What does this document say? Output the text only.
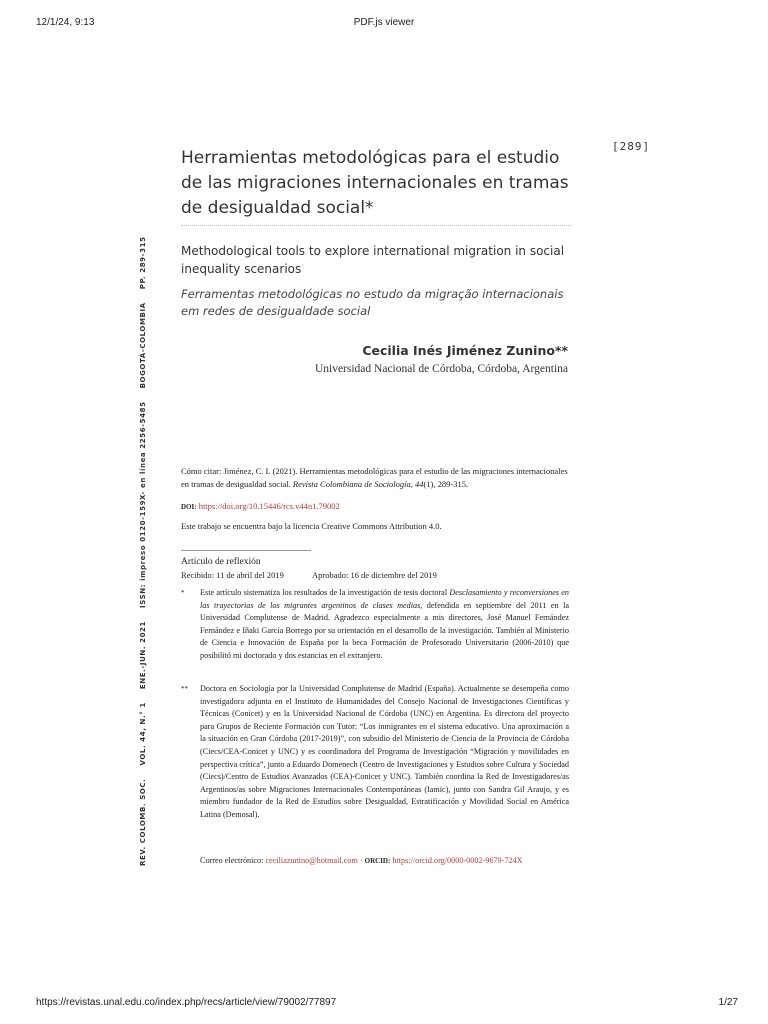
12/1/24, 9:13	PDF.js viewer
[289]
Herramientas metodológicas para el estudio de las migraciones internacionales en tramas de desigualdad social*
Methodological tools to explore international migration in social inequality scenarios
Ferramentas metodológicas no estudo da migração internacionais em redes de desigualdade social
Cecilia Inés Jiménez Zunino**
Universidad Nacional de Córdoba, Córdoba, Argentina
REV. COLOMB. SOC. VOL. 44, N.° 1 ENE.-JUN. 2021 ISSN: impreso 0120-159X- en línea 2256-5485 BOGOTÁ-COLOMBIA PP. 289-315
Cómo citar: Jiménez, C. I. (2021). Herramientas metodológicas para el estudio de las migraciones internacionales en tramas de desigualdad social. Revista Colombiana de Sociología, 44(1), 289-315.
DOI: https://doi.org/10.15446/rcs.v44n1.79002
Este trabajo se encuentra bajo la licencia Creative Commons Attribution 4.0.
Artículo de reflexión
Recibido: 11 de abril del 2019	Aprobado: 16 de diciembre del 2019
* Este artículo sistematiza los resultados de la investigación de tesis doctoral Desclasamiento y reconversiones en las trayectorias de los migrantes argentinos de clases medias, defendida en septiembre del 2011 en la Universidad Complutense de Madrid. Agradezco especialmente a mis directores, José Manuel Fernández Fernández e Iñaki García Borrego por su orientación en el desarrollo de la investigación. También al Ministerio de Ciencia e Innovación de España por la beca Formación de Profesorado Universitario (2006-2010) que posibilitó mi doctorado y dos estancias en el extranjero.
** Doctora en Sociología por la Universidad Complutense de Madrid (España). Actualmente se desempeña como investigadora adjunta en el Instituto de Humanidades del Consejo Nacional de Investigaciones Científicas y Técnicas (Conicet) y en la Universidad Nacional de Córdoba (UNC) en Argentina. Es directora del proyecto para Grupos de Reciente Formación con Tutor: “Los inmigrantes en el sistema educativo. Una aproximación a la situación en Gran Córdoba (2017-2019)”, con subsidio del Ministerio de Ciencia de la Provincia de Córdoba (Ciecs/CEA-Conicet y UNC) y es coordinadora del Programa de Investigación “Migración y movilidades en perspectiva crítica”, junto a Eduardo Domenech (Centro de Investigaciones y Estudios sobre Cultura y Sociedad (Ciecs)/Centro de Estudios Avanzados (CEA)-Conicet y UNC). También coordina la Red de Investigadores/as Argentinos/as sobre Migraciones Internacionales Contemporáneas (Iamic), junto con Sandra Gil Araujo, y es miembro fundador de la Red de Estudios sobre Desigualdad, Estratificación y Movilidad Social en América Latina (Demosal).
Correo electrónico: ceciliazunino@hotmail.com · ORCID: https://orcid.org/0000-0002-9679-724X
https://revistas.unal.edu.co/index.php/recs/article/view/79002/77897	1/27
